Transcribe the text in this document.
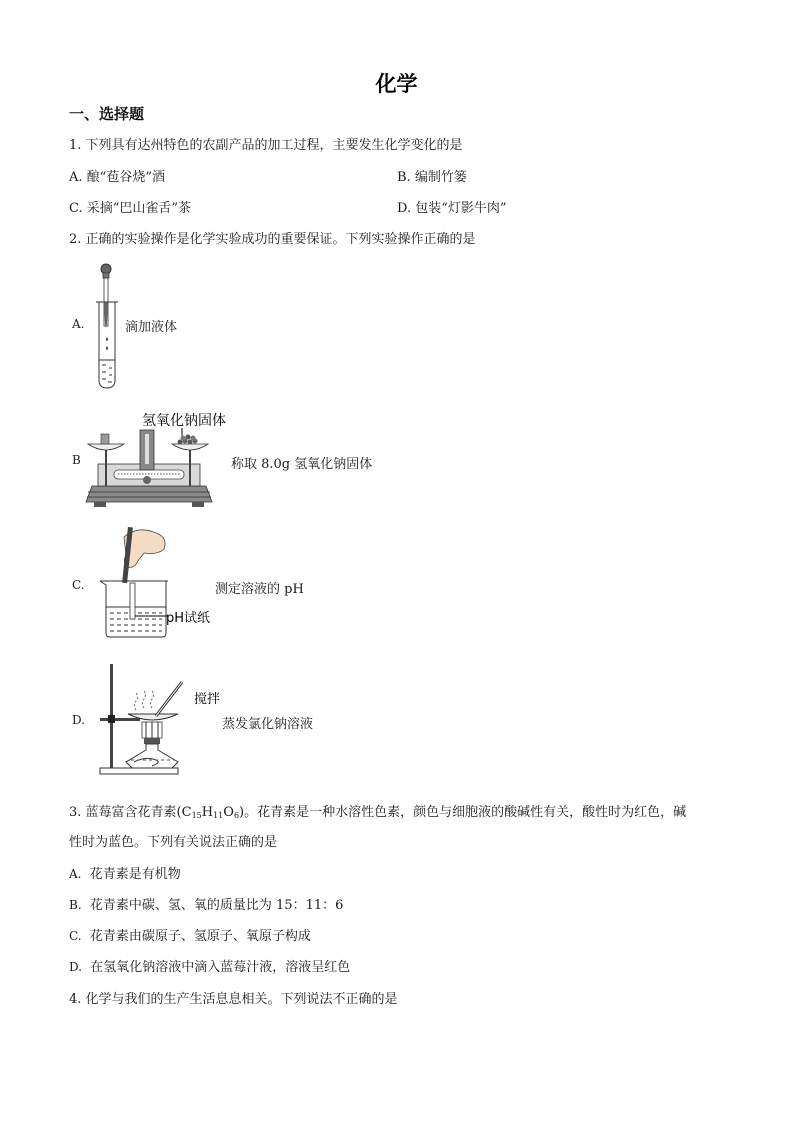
化学
一、选择题
1. 下列具有达州特色的农副产品的加工过程，主要发生化学变化的是
A. 酿“苞谷烧”酒	B. 编制竹篓
C. 采摘“巴山雀舌”茶	D. 包装“灯影牛肉”
2. 正确的实验操作是化学实验成功的重要保证。下列实验操作正确的是
A.	滴加液体
B
氢氧化钠固体
称取 8.0g 氢氧化钠固体
C.
pH试纸
测定溶液的 pH
D.
搅拌
蒸发氯化钠溶液
3. 蓝莓富含花青素$(C_{15}H_{11}O_6)$。花青素是一种水溶性色素，颜色与细胞液的酸碱性有关，酸性时为红色，碱
性时为蓝色。下列有关说法正确的是
A. 花青素是有机物
B. 花青素中碳、氢、氧的质量比为 15：11：6
C. 花青素由碳原子、氢原子、氧原子构成
D. 在氢氧化钠溶液中滴入蓝莓汁液，溶液呈红色
4. 化学与我们的生产生活息息相关。下列说法不正确的是
